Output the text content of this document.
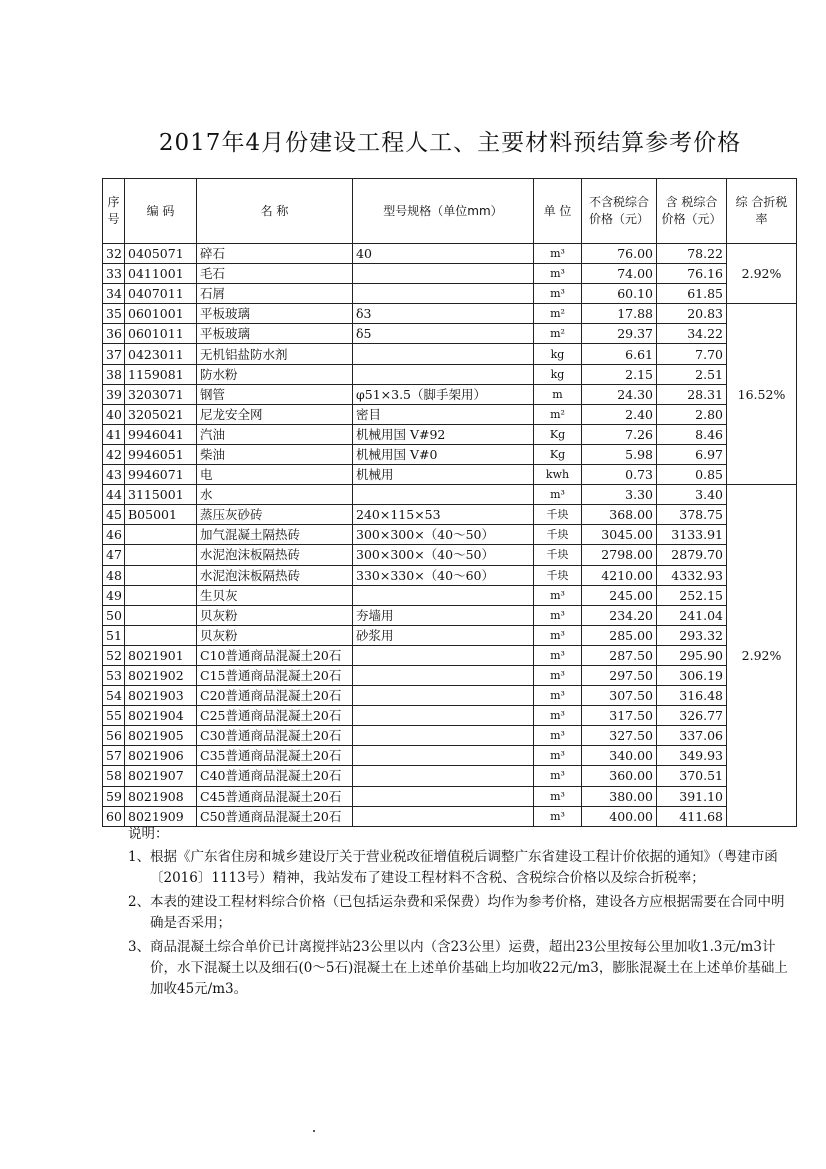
2017年4月份建设工程人工、主要材料预结算参考价格
序号	编 码	名 称	型号规格（单位mm）	单 位	不含税综合价格（元）	含 税综合价格（元）	综 合折税率
32	0405071	碎石	40	m³	76.00	78.22	2.92%
33	0411001	毛石		m³	74.00	76.16	
34	0407011	石屑		m³	60.10	61.85	
35	0601001	平板玻璃	δ3	m²	17.88	20.83	16.52%
36	0601011	平板玻璃	δ5	m²	29.37	34.22	
37	0423011	无机铝盐防水剂		kg	6.61	7.70	
38	1159081	防水粉		kg	2.15	2.51	
39	3203071	钢管	φ51×3.5（脚手架用）	m	24.30	28.31	
40	3205021	尼龙安全网	密目	m²	2.40	2.80	
41	9946041	汽油	机械用国 V#92	Kg	7.26	8.46	
42	9946051	柴油	机械用国 V#0	Kg	5.98	6.97	
43	9946071	电	机械用	kwh	0.73	0.85	
44	3115001	水		m³	3.30	3.40	2.92%
45	B05001	蒸压灰砂砖	240×115×53	千块	368.00	378.75	
46		加气混凝土隔热砖	300×300×（40～50）	千块	3045.00	3133.91	
47		水泥泡沫板隔热砖	300×300×（40～50）	千块	2798.00	2879.70	
48		水泥泡沫板隔热砖	330×330×（40～60）	千块	4210.00	4332.93	
49		生贝灰		m³	245.00	252.15	
50		贝灰粉	夯墙用	m³	234.20	241.04	
51		贝灰粉	砂浆用	m³	285.00	293.32	
52	8021901	C10普通商品混凝土20石		m³	287.50	295.90	
53	8021902	C15普通商品混凝土20石		m³	297.50	306.19	
54	8021903	C20普通商品混凝土20石		m³	307.50	316.48	
55	8021904	C25普通商品混凝土20石		m³	317.50	326.77	
56	8021905	C30普通商品混凝土20石		m³	327.50	337.06	
57	8021906	C35普通商品混凝土20石		m³	340.00	349.93	
58	8021907	C40普通商品混凝土20石		m³	360.00	370.51	
59	8021908	C45普通商品混凝土20石		m³	380.00	391.10	
60	8021909	C50普通商品混凝土20石		m³	400.00	411.68	
说明：
1、 根据《广东省住房和城乡建设厅关于营业税改征增值税后调整广东省建设工程计价依据的通知》（粤建市函〔2016〕1113号）精神，我站发布了建设工程材料不含税、含税综合价格以及综合折税率；
2、 本表的建设工程材料综合价格（已包括运杂费和采保费）均作为参考价格，建设各方应根据需要在合同中明确是否采用；
3、 商品混凝土综合单价已计离搅拌站23公里以内（含23公里）运费，超出23公里按每公里加收1.3元/m3计价，水下混凝土以及细石(0～5石)混凝土在上述单价基础上均加收22元/m3，膨胀混凝土在上述单价基础上加收45元/m3。
